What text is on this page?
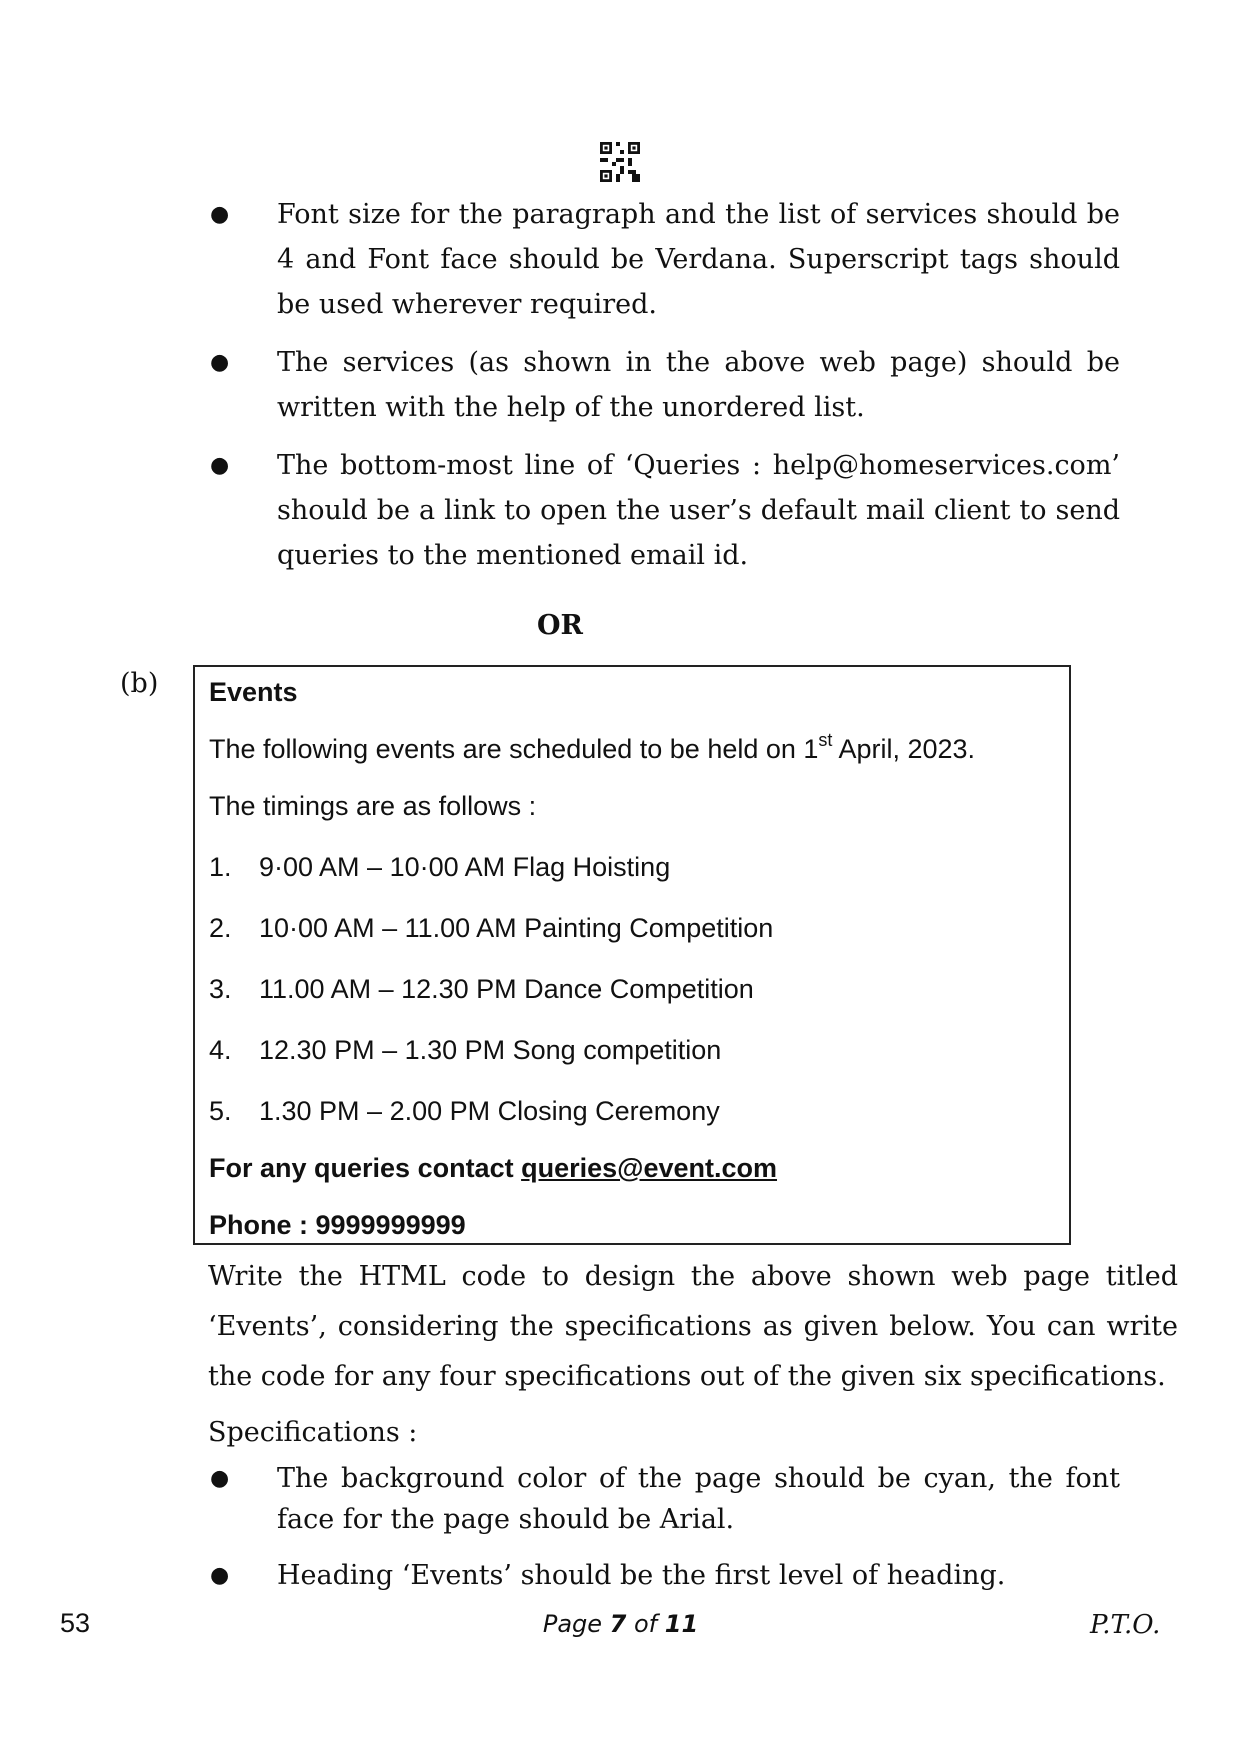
● Font size for the paragraph and the list of services should be 4 and Font face should be Verdana. Superscript tags should be used wherever required.
● The services (as shown in the above web page) should be written with the help of the unordered list.
● The bottom-most line of ‘Queries : help@homeservices.com’ should be a link to open the user’s default mail client to send queries to the mentioned email id.
OR
(b) Events
The following events are scheduled to be held on 1st April, 2023.
The timings are as follows :
1. 9·00 AM – 10·00 AM Flag Hoisting
2. 10·00 AM – 11.00 AM Painting Competition
3. 11.00 AM – 12.30 PM Dance Competition
4. 12.30 PM – 1.30 PM Song competition
5. 1.30 PM – 2.00 PM Closing Ceremony
For any queries contact queries@event.com
Phone : 9999999999
Write the HTML code to design the above shown web page titled ‘Events’, considering the specifications as given below. You can write the code for any four specifications out of the given six specifications.
Specifications :
● The background color of the page should be cyan, the font face for the page should be Arial.
● Heading ‘Events’ should be the first level of heading.
53	Page 7 of 11	P.T.O.
